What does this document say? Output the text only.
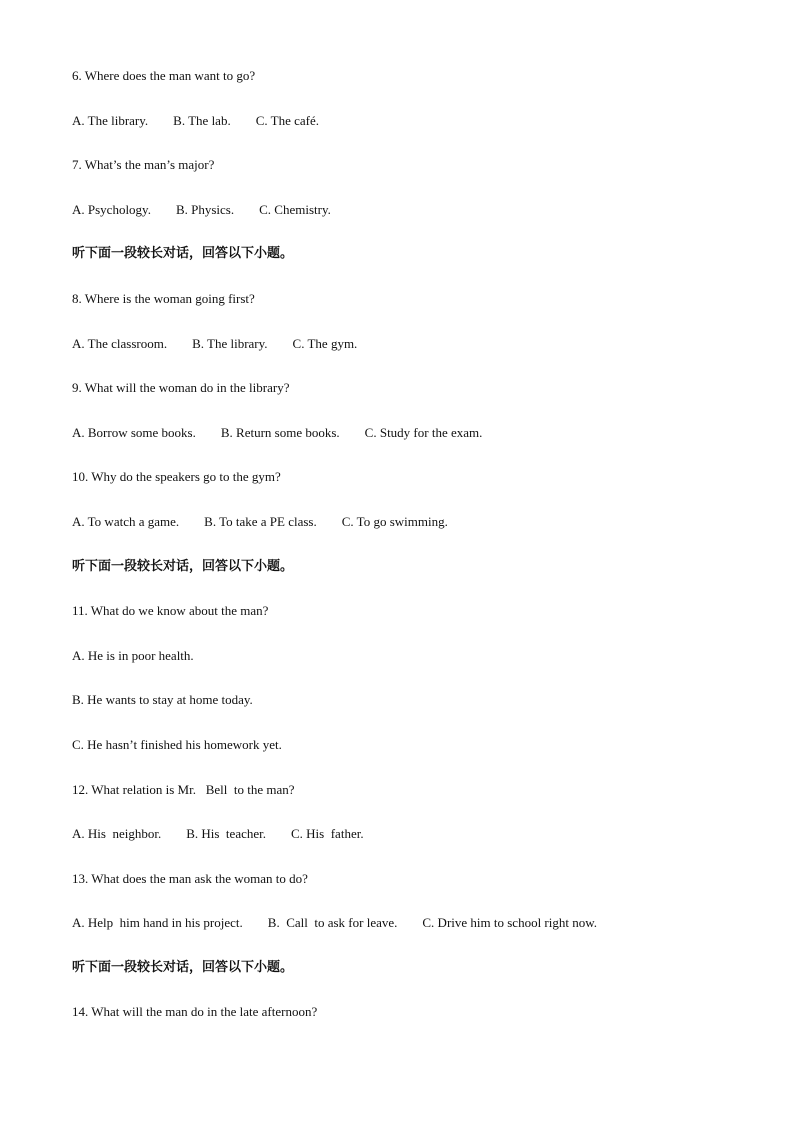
6. Where does the man want to go?
A. The library. B. The lab. C. The café.
7. What’s the man’s major?
A. Psychology. B. Physics. C. Chemistry.
听下面一段较长对话，回答以下小题。
8. Where is the woman going first?
A. The classroom. B. The library. C. The gym.
9. What will the woman do in the library?
A. Borrow some books. B. Return some books. C. Study for the exam.
10. Why do the speakers go to the gym?
A. To watch a game. B. To take a PE class. C. To go swimming.
听下面一段较长对话，回答以下小题。
11. What do we know about the man?
A. He is in poor health.
B. He wants to stay at home today.
C. He hasn’t finished his homework yet.
12. What relation is Mr.   Bell  to the man?
A. His  neighbor. B. His  teacher. C. His  father.
13. What does the man ask the woman to do?
A. Help  him hand in his project. B.  Call  to ask for leave. C. Drive him to school right now.
听下面一段较长对话，回答以下小题。
14. What will the man do in the late afternoon?
